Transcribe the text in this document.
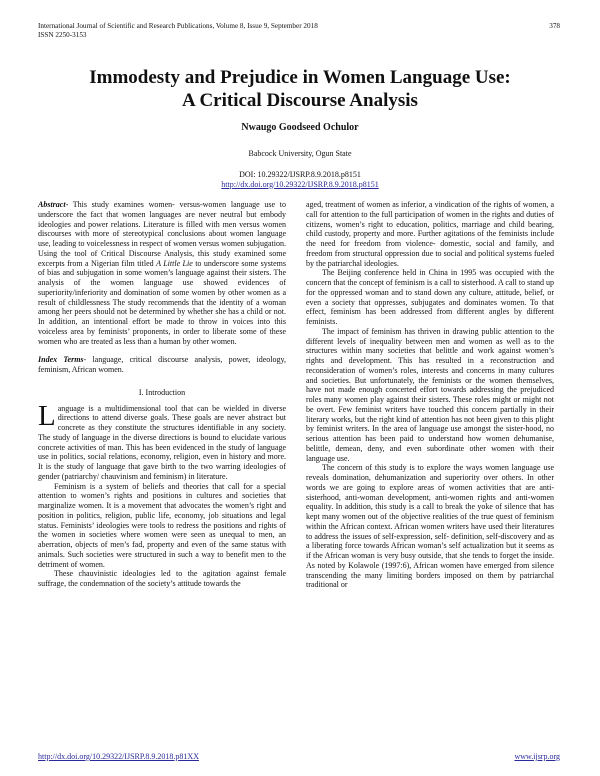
International Journal of Scientific and Research Publications, Volume 8, Issue 9, September 2018
ISSN 2250-3153
378
Immodesty and Prejudice in Women Language Use:
A Critical Discourse Analysis
Nwaugo Goodseed Ochulor
Babcock University, Ogun State
DOI: 10.29322/IJSRP.8.9.2018.p8151
http://dx.doi.org/10.29322/IJSRP.8.9.2018.p8151

Abstract- This study examines women- versus-women language use to underscore the fact that women languages are never neutral but embody ideologies and power relations. Literature is filled with men versus women discourses with more of stereotypical conclusions about women language use, leading to voicelessness in respect of women versus women subjugation. Using the tool of Critical Discourse Analysis, this study examined some excerpts from a Nigerian film titled A Little Lie to underscore some systems of bias and subjugation in some women’s language against their sisters. The analysis of the women language use showed evidences of superiority/inferiority and domination of some women by other women as a result of childlessness The study recommends that the identity of a woman among her peers should not be determined by whether she has a child or not. In addition, an intentional effort be made to throw in voices into this voiceless area by feminists’ proponents, in order to liberate some of these women who are treated as less than a human by other women.

Index Terms- language, critical discourse analysis, power, ideology, feminism, African women.

I. Introduction

Language is a multidimensional tool that can be wielded in diverse directions to attend diverse goals. These goals are never abstract but concrete as they constitute the structures identifiable in any society. The study of language in the diverse directions is bound to elucidate various concrete activities of man. This has been evidenced in the study of language use in politics, social relations, economy, religion, even in history and more. It is the study of language that gave birth to the two warring ideologies of gender (patriarchy/ chauvinism and feminism) in literature.

Feminism is a system of beliefs and theories that call for a special attention to women’s rights and positions in cultures and societies that marginalize women. It is a movement that advocates the women’s right and position in politics, religion, public life, economy, job situations and legal status. Feminists’ ideologies were tools to redress the positions and rights of the women in societies where women were seen as unequal to men, an aberration, objects of men’s fad, property and even of the same status with animals. Such societies were structured in such a way to benefit men to the detriment of women.

These chauvinistic ideologies led to the agitation against female suffrage, the condemnation of the society’s attitude towards the

aged, treatment of women as inferior, a vindication of the rights of women, a call for attention to the full participation of women in the rights and duties of citizens, women’s right to education, politics, marriage and child bearing, child custody, property and more. Further agitations of the feminists include the need for freedom from violence- domestic, social and family, and freedom from structural oppression due to social and political systems fueled by the patriarchal ideologies.

The Beijing conference held in China in 1995 was occupied with the concern that the concept of feminism is a call to sisterhood. A call to stand up for the oppressed woman and to stand down any culture, attitude, belief, or even a society that oppresses, subjugates and dominates women. To that effect, feminism has been addressed from different angles by different feminists.

The impact of feminism has thriven in drawing public attention to the different levels of inequality between men and women as well as to the structures within many societies that belittle and work against women’s rights and development. This has resulted in a reconstruction and reconsideration of women’s roles, interests and concerns in many cultures and societies. But unfortunately, the feminists or the women themselves, have not made enough concerted effort towards addressing the prejudiced roles many women play against their sisters. These roles might or might not be overt. Few feminist writers have touched this concern partially in their literary works, but the right kind of attention has not been given to this plight by feminist writers. In the area of language use amongst the sister-hood, no serious attention has been paid to understand how women dehumanise, belittle, demean, deny, and even subordinate other women with their language use.

The concern of this study is to explore the ways women language use reveals domination, dehumanization and superiority over others. In other words we are going to explore areas of women activities that are anti-sisterhood, anti-woman development, anti-women rights and anti-women equality. In addition, this study is a call to break the yoke of silence that has kept many women out of the objective realities of the true quest of feminism within the African context. African women writers have used their literatures to address the issues of self-expression, self- definition, self-discovery and as a liberating force towards African woman’s self actualization but it seems as if the African woman is very busy outside, that she tends to forget the inside. As noted by Kolawole (1997:6), African women have emerged from silence transcending the many limiting borders imposed on them by patriarchal traditional or

http://dx.doi.org/10.29322/IJSRP.8.9.2018.p81XX	www.ijsrp.org
